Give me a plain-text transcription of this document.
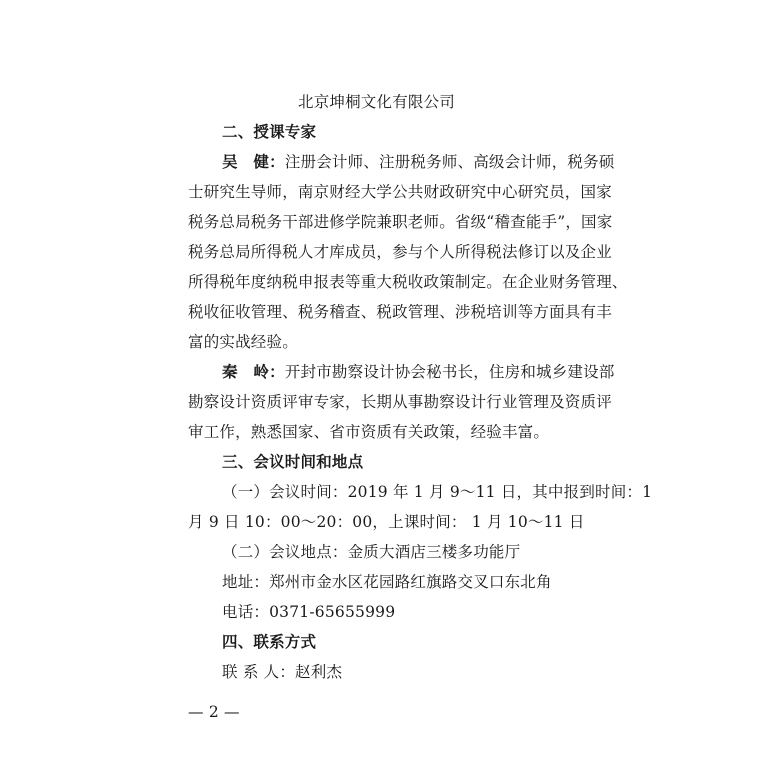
北京坤桐文化有限公司
二、授课专家
吴　健：注册会计师、注册税务师、高级会计师，税务硕
士研究生导师，南京财经大学公共财政研究中心研究员，国家
税务总局税务干部进修学院兼职老师。省级“稽查能手”，国家
税务总局所得税人才库成员，参与个人所得税法修订以及企业
所得税年度纳税申报表等重大税收政策制定。在企业财务管理、
税收征收管理、税务稽查、税政管理、涉税培训等方面具有丰
富的实战经验。
秦　岭：开封市勘察设计协会秘书长，住房和城乡建设部
勘察设计资质评审专家，长期从事勘察设计行业管理及资质评
审工作，熟悉国家、省市资质有关政策，经验丰富。
三、会议时间和地点
（一）会议时间：2019 年 1 月 9～11 日，其中报到时间：1
月 9 日 10：00～20：00，上课时间： 1 月 10～11 日
（二）会议地点：金质大酒店三楼多功能厅
地址：郑州市金水区花园路红旗路交叉口东北角
电话：0371-65655999
四、联系方式
联 系 人：赵利杰
— 2 —
